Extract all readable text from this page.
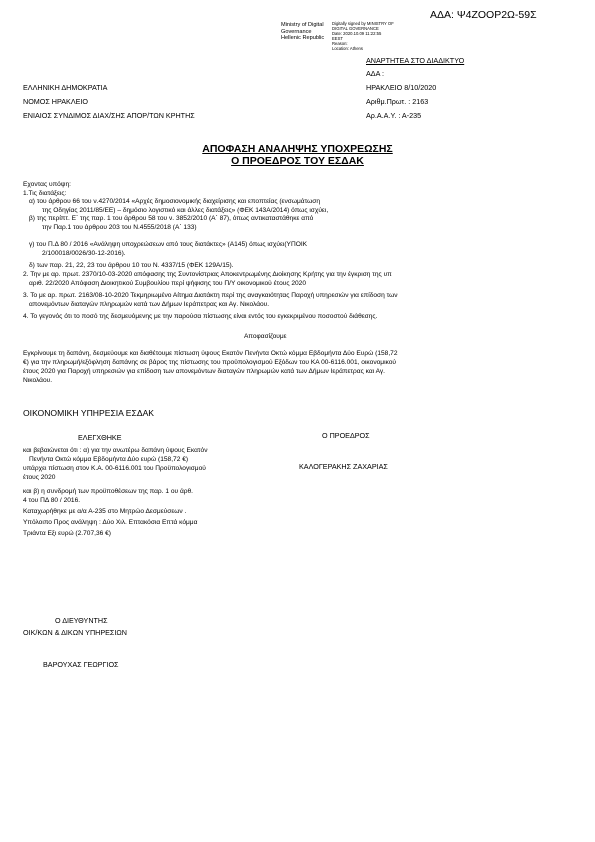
ΑΔΑ: Ψ4ΖΟΟΡ2Ω-59Σ
Ministry of Digital
Governance
Hellenic Republic
Digitally signed by MINISTRY OF
DIGITAL GOVERNANCE
Date: 2020.10.09 11:22:55
EEST
Reason:
Location: Athens
ΑΝΑΡΤΗΤΕΑ ΣΤΟ ΔΙΑΔΙΚΤΥΟ
ΑΔΑ :
ΗΡΑΚΛΕΙΟ 8/10/2020
Αριθμ.Πρωτ. : 2163
Αρ.Α.Α.Υ. : Α-235
ΕΛΛΗΝΙΚΗ ΔΗΜΟΚΡΑΤΙΑ
ΝΟΜΟΣ ΗΡΑΚΛΕΙΟ
ΕΝΙΑΙΟΣ ΣΥΝΔΙΜΟΣ ΔΙΑΧ/ΣΗΣ ΑΠΟΡ/ΤΩΝ ΚΡΗΤΗΣ
ΑΠΟΦΑΣΗ ΑΝΑΛΗΨΗΣ ΥΠΟΧΡΕΩΣΗΣ
Ο ΠΡΟΕΔΡΟΣ ΤΟΥ ΕΣΔΑΚ
Εχοντας υπόψη:
1.Τις διατάξεις:
α) του άρθρου 66 του ν.4270/2014 «Αρχές δημοσιονομικής διαχείρισης και εποπτείας (ενσωμάτωση
της Οδηγίας 2011/85/ΕΕ) – δημόσιο λογιστικό και άλλες διατάξεις» (ΦΕΚ 143Α/2014) όπως ισχύει,
β) της περίπτ. Ε΄ της παρ. 1 του άρθρου 58 του ν. 3852/2010 (Α΄ 87), όπως αντικαταστάθηκε από
την Παρ.1 του άρθρου 203 του Ν.4555/2018 (Α΄ 133)
γ) του Π.Δ 80 / 2016 «Ανάληψη υποχρεώσεων από τους διατάκτες» (Α145) όπως ισχύει(ΥΠΟΙΚ
2/100018/0026/30-12-2016).
δ) των παρ. 21, 22, 23 του άρθρου 10 του Ν. 4337/15 (ΦΕΚ 129Α/15).
2. Την με αρ. πρωτ. 2370/10-03-2020 απόφασης της Συντονίστριας Αποκεντρωμένης Διοίκησης Κρήτης για την έγκριση της υπ
αριθ. 22/2020 Απόφαση Διοικητικού Συμβουλίου περί ψήφισης του Π/Υ οικονομικού έτους 2020
3. Το με αρ. πρωτ. 2163/08-10-2020 Τεκμηριωμένο Αίτημα Διατάκτη περί της αναγκαιότητας Παροχή υπηρεσιών για επίδοση των
απονεμόντων διαταγών πληρωμών κατά των Δήμων Ιεράπετρας και Αγ. Νικολάου.
4. Το γεγονός ότι το ποσό της δεσμευόμενης με την παρούσα πίστωσης είναι εντός του εγκεκριμένου ποσοστού διάθεσης.
Αποφασίζουμε
Εγκρίνουμε τη δαπάνη, δεσμεύουμε και διαθέτουμε πίστωση ύψους Εκατόν Πενήντα Οκτώ κόμμα Εβδομήντα Δύο Ευρώ (158,72
€) για την πληρωμή/εξόφληση δαπάνης σε βάρος της πίστωσης του προϋπολογισμού Εξόδων του ΚΑ 00-6116.001, οικονομικού
έτους 2020 για Παροχή υπηρεσιών για επίδοση των απονεμόντων διαταγών πληρωμών κατά των Δήμων Ιεράπετρας και Αγ.
Νικολάου.
ΟΙΚΟΝΟΜΙΚΗ ΥΠΗΡΕΣΙΑ ΕΣΔΑΚ
ΕΛΕΓΧΘΗΚΕ
και βεβαιώνεται ότι : α) για την ανωτέρω δαπάνη ύψους Εκατόν
Πενήντα Οκτώ κόμμα Εβδομήντα Δύο ευρώ (158,72 €)
υπάρχει πίστωση στον Κ.Α. 00-6116.001 του Προϋπολογισμού
έτους 2020
και β) η συνδρομή των προϋποθέσεων της παρ. 1 ου άρθ.
4 του ΠΔ 80 / 2016.
Καταχωρήθηκε με α/α Α-235 στο Μητρώο Δεσμεύσεων .
Υπόλοιπο Προς ανάληψη : Δύο Χιλ. Επτακόσια Επτά κόμμα
Τριάντα Εξι ευρώ (2.707,36 €)
Ο ΠΡΟΕΔΡΟΣ
ΚΑΛΟΓΕΡΑΚΗΣ ΖΑΧΑΡΙΑΣ
Ο ΔΙΕΥΘΥΝΤΗΣ
ΟΙΚ/ΚΩΝ & ΔΙΚΩΝ ΥΠΗΡΕΣΙΩΝ
ΒΑΡΟΥΧΑΣ ΓΕΩΡΓΙΟΣ
